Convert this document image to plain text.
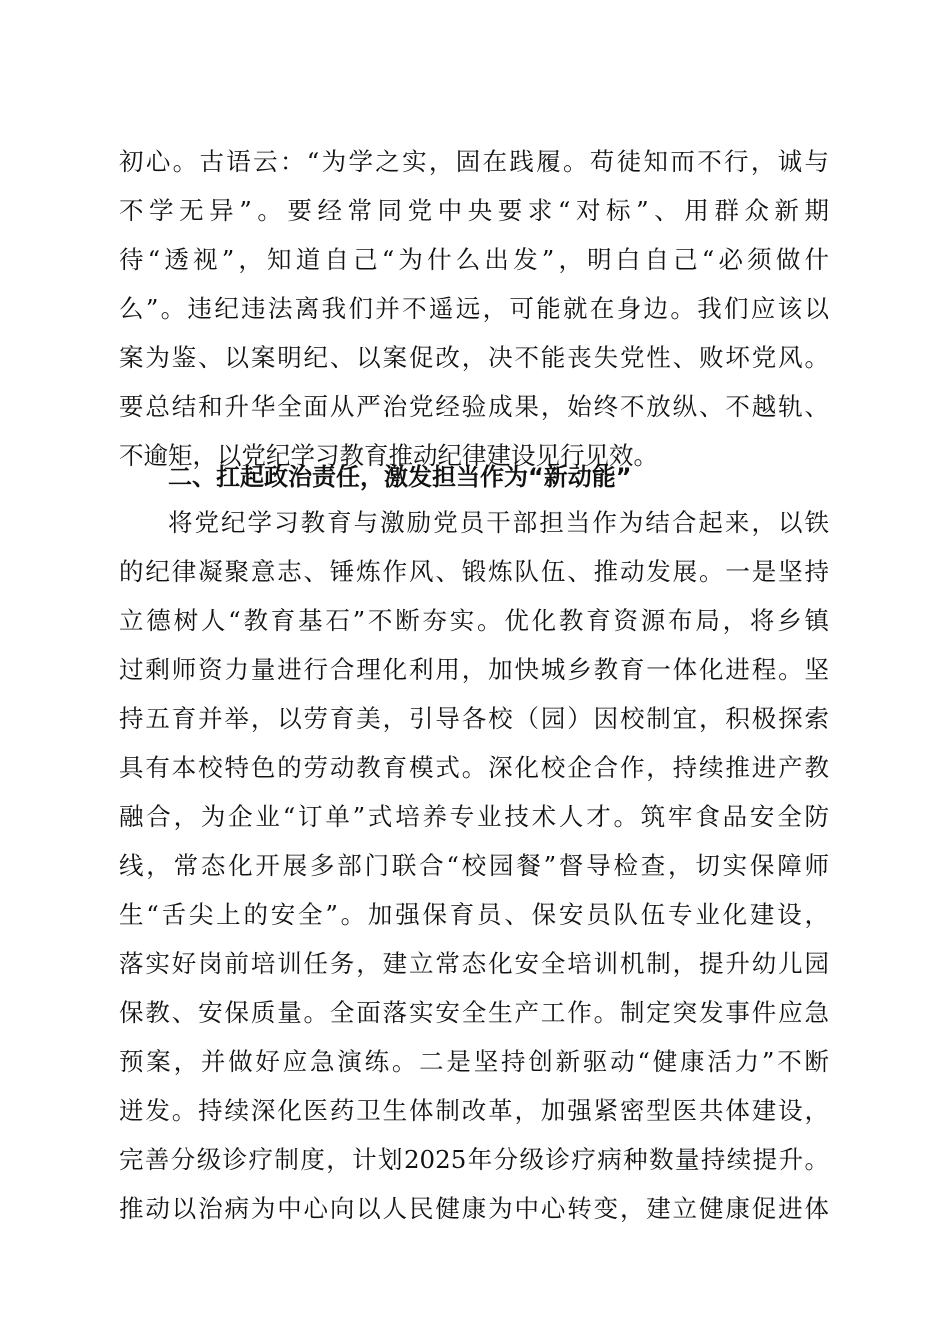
初心。古语云：“为学之实，固在践履。苟徒知而不行，诚与
不学无异”。要经常同党中央要求“对标”、用群众新期
待“透视”，知道自己“为什么出发”，明白自己“必须做什
么”。违纪违法离我们并不遥远，可能就在身边。我们应该以
案为鉴、以案明纪、以案促改，决不能丧失党性、败坏党风。
要总结和升华全面从严治党经验成果，始终不放纵、不越轨、
不逾矩，以党纪学习教育推动纪律建设见行见效。
二、扛起政治责任，激发担当作为“新动能”
将党纪学习教育与激励党员干部担当作为结合起来，以铁
的纪律凝聚意志、锤炼作风、锻炼队伍、推动发展。一是坚持
立德树人“教育基石”不断夯实。优化教育资源布局，将乡镇
过剩师资力量进行合理化利用，加快城乡教育一体化进程。坚
持五育并举，以劳育美，引导各校（园）因校制宜，积极探索
具有本校特色的劳动教育模式。深化校企合作，持续推进产教
融合，为企业“订单”式培养专业技术人才。筑牢食品安全防
线，常态化开展多部门联合“校园餐”督导检查，切实保障师
生“舌尖上的安全”。加强保育员、保安员队伍专业化建设，
落实好岗前培训任务，建立常态化安全培训机制，提升幼儿园
保教、安保质量。全面落实安全生产工作。制定突发事件应急
预案，并做好应急演练。二是坚持创新驱动“健康活力”不断
迸发。持续深化医药卫生体制改革，加强紧密型医共体建设，
完善分级诊疗制度，计划2025年分级诊疗病种数量持续提升。
推动以治病为中心向以人民健康为中心转变，建立健康促进体
